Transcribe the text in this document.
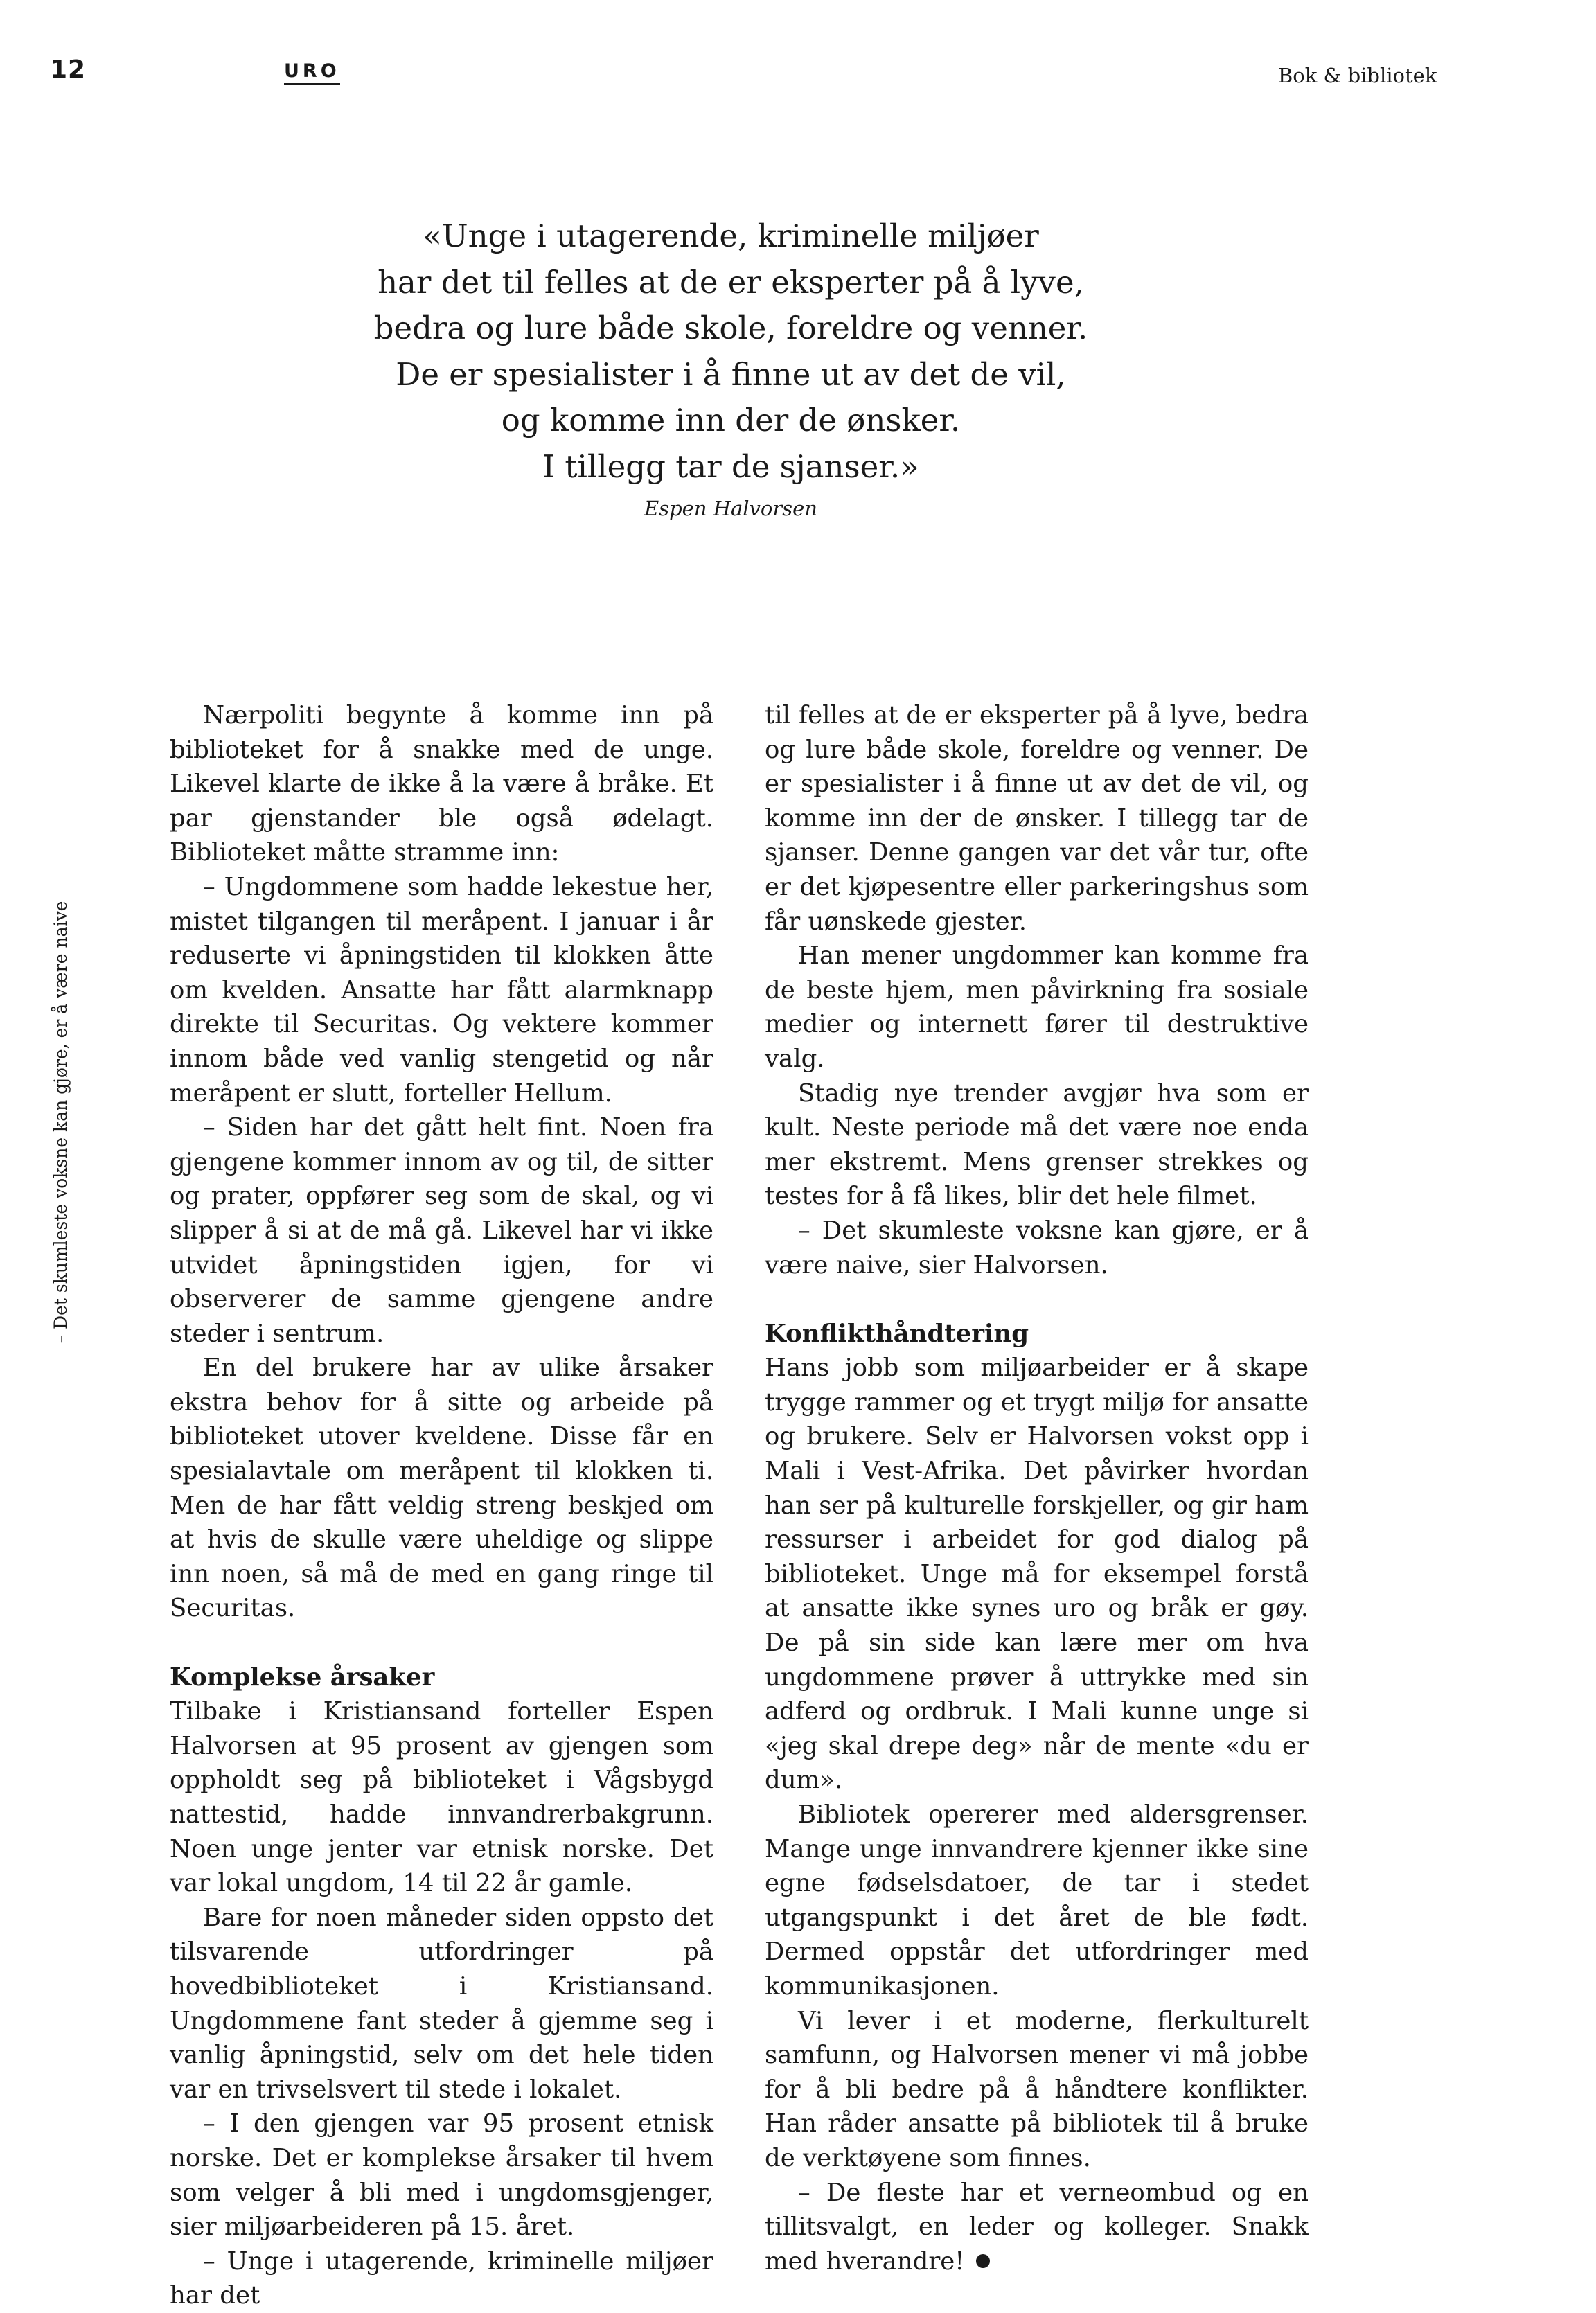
12	URO	Bok & bibliotek
«Unge i utagerende, kriminelle miljøer
har det til felles at de er eksperter på å lyve,
bedra og lure både skole, foreldre og venner.
De er spesialister i å finne ut av det de vil,
og komme inn der de ønsker.
I tillegg tar de sjanser.»
Espen Halvorsen
– Det skumleste voksne kan gjøre, er å være naive

Nærpoliti begynte å komme inn på biblioteket for å snakke med de unge. Likevel klarte de ikke å la være å bråke. Et par gjenstander ble også ødelagt. Biblioteket måtte stramme inn:

– Ungdommene som hadde lekestue her, mistet tilgangen til meråpent. I januar i år reduserte vi åpningstiden til klokken åtte om kvelden. Ansatte har fått alarmknapp direkte til Securitas. Og vektere kommer innom både ved vanlig stengetid og når meråpent er slutt, forteller Hellum.

– Siden har det gått helt fint. Noen fra gjengene kommer innom av og til, de sitter og prater, oppfører seg som de skal, og vi slipper å si at de må gå. Likevel har vi ikke utvidet åpningstiden igjen, for vi observerer de samme gjengene andre steder i sentrum.

En del brukere har av ulike årsaker ekstra behov for å sitte og arbeide på biblioteket utover kveldene. Disse får en spesialavtale om meråpent til klokken ti. Men de har fått veldig streng beskjed om at hvis de skulle være uheldige og slippe inn noen, så må de med en gang ringe til Securitas.

Komplekse årsaker

Tilbake i Kristiansand forteller Espen Halvorsen at 95 prosent av gjengen som oppholdt seg på biblioteket i Vågsbygd nattestid, hadde innvandrerbakgrunn. Noen unge jenter var etnisk norske. Det var lokal ungdom, 14 til 22 år gamle.

Bare for noen måneder siden oppsto det tilsvarende utfordringer på hovedbiblioteket i Kristiansand. Ungdommene fant steder å gjemme seg i vanlig åpningstid, selv om det hele tiden var en trivselsvert til stede i lokalet.

– I den gjengen var 95 prosent etnisk norske. Det er komplekse årsaker til hvem som velger å bli med i ungdomsgjenger, sier miljøarbeideren på 15. året.

– Unge i utagerende, kriminelle miljøer har det

til felles at de er eksperter på å lyve, bedra og lure både skole, foreldre og venner. De er spesialister i å finne ut av det de vil, og komme inn der de ønsker. I tillegg tar de sjanser. Denne gangen var det vår tur, ofte er det kjøpesentre eller parkeringshus som får uønskede gjester.

Han mener ungdommer kan komme fra de beste hjem, men påvirkning fra sosiale medier og internett fører til destruktive valg.

Stadig nye trender avgjør hva som er kult. Neste periode må det være noe enda mer ekstremt. Mens grenser strekkes og testes for å få likes, blir det hele filmet.

– Det skumleste voksne kan gjøre, er å være naive, sier Halvorsen.

Konflikthåndtering

Hans jobb som miljøarbeider er å skape trygge rammer og et trygt miljø for ansatte og brukere. Selv er Halvorsen vokst opp i Mali i Vest-Afrika. Det påvirker hvordan han ser på kulturelle forskjeller, og gir ham ressurser i arbeidet for god dialog på biblioteket. Unge må for eksempel forstå at ansatte ikke synes uro og bråk er gøy. De på sin side kan lære mer om hva ungdommene prøver å uttrykke med sin adferd og ordbruk. I Mali kunne unge si «jeg skal drepe deg» når de mente «du er dum».

Bibliotek opererer med aldersgrenser. Mange unge innvandrere kjenner ikke sine egne fødselsdatoer, de tar i stedet utgangspunkt i det året de ble født. Dermed oppstår det utfordringer med kommunikasjonen.

Vi lever i et moderne, flerkulturelt samfunn, og Halvorsen mener vi må jobbe for å bli bedre på å håndtere konflikter. Han råder ansatte på bibliotek til å bruke de verktøyene som finnes.

– De fleste har et verneombud og en tillitsvalgt, en leder og kolleger. Snakk med hverandre!
